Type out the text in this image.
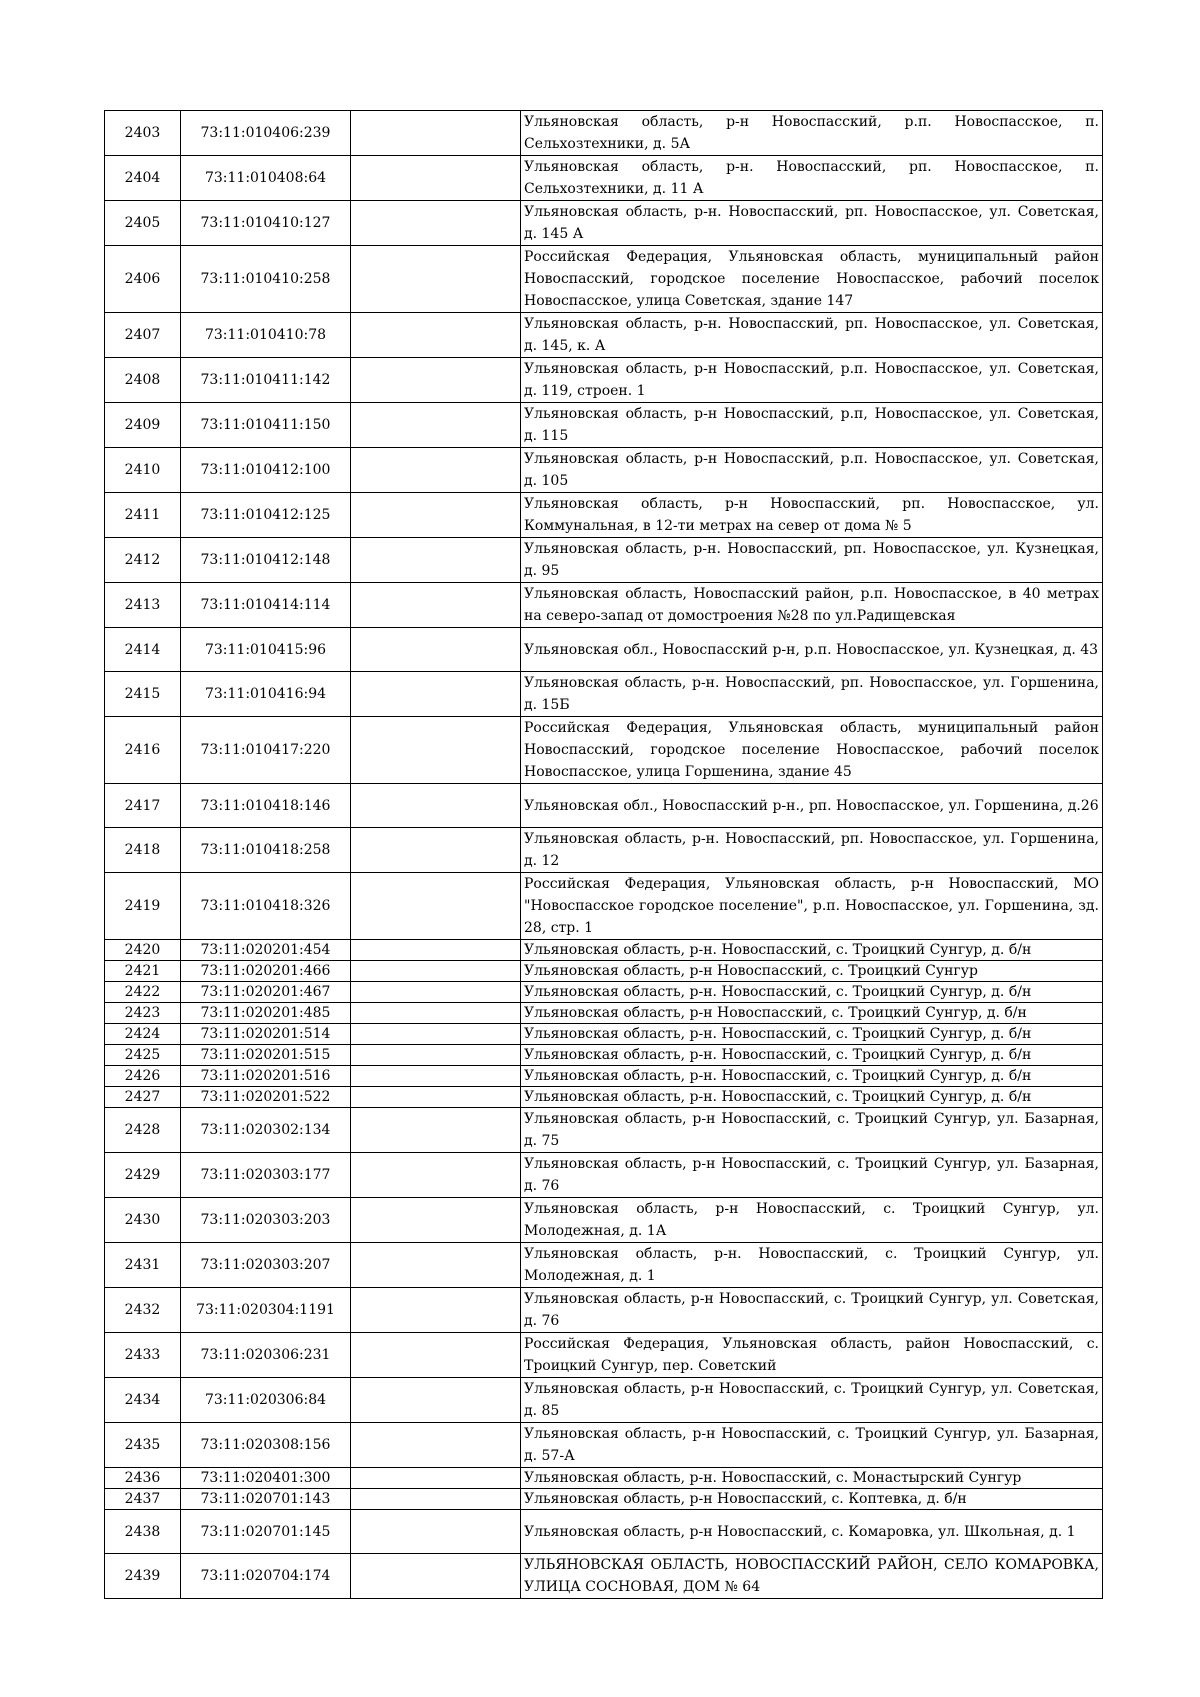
2403	73:11:010406:239		Ульяновская область, р-н Новоспасский, р.п. Новоспасское, п. Сельхозтехники, д. 5А
2404	73:11:010408:64		Ульяновская область, р-н. Новоспасский, рп. Новоспасское, п. Сельхозтехники, д. 11 А
2405	73:11:010410:127		Ульяновская область, р-н. Новоспасский, рп. Новоспасское, ул. Советская, д. 145 А
2406	73:11:010410:258		Российская Федерация, Ульяновская область, муниципальный район Новоспасский, городское поселение Новоспасское, рабочий поселок Новоспасское, улица Советская, здание 147
2407	73:11:010410:78		Ульяновская область, р-н. Новоспасский, рп. Новоспасское, ул. Советская, д. 145, к. А
2408	73:11:010411:142		Ульяновская область, р-н Новоспасский, р.п. Новоспасское, ул. Советская, д. 119, строен. 1
2409	73:11:010411:150		Ульяновская область, р-н Новоспасский, р.п, Новоспасское, ул. Советская, д. 115
2410	73:11:010412:100		Ульяновская область, р-н Новоспасский, р.п. Новоспасское, ул. Советская, д. 105
2411	73:11:010412:125		Ульяновская область, р-н Новоспасский, рп. Новоспасское, ул. Коммунальная, в 12-ти метрах на север от дома № 5
2412	73:11:010412:148		Ульяновская область, р-н. Новоспасский, рп. Новоспасское, ул. Кузнецкая, д. 95
2413	73:11:010414:114		Ульяновская область, Новоспасский район, р.п. Новоспасское, в 40 метрах на северо-запад от домостроения №28 по ул.Радищевская
2414	73:11:010415:96		Ульяновская обл., Новоспасский р-н, р.п. Новоспасское, ул. Кузнецкая, д. 43
2415	73:11:010416:94		Ульяновская область, р-н. Новоспасский, рп. Новоспасское, ул. Горшенина, д. 15Б
2416	73:11:010417:220		Российская Федерация, Ульяновская область, муниципальный район Новоспасский, городское поселение Новоспасское, рабочий поселок Новоспасское, улица Горшенина, здание 45
2417	73:11:010418:146		Ульяновская обл., Новоспасский р-н., рп. Новоспасское, ул. Горшенина, д.26
2418	73:11:010418:258		Ульяновская область, р-н. Новоспасский, рп. Новоспасское, ул. Горшенина, д. 12
2419	73:11:010418:326		Российская Федерация, Ульяновская область, р-н Новоспасский, МО "Новоспасское городское поселение", р.п. Новоспасское, ул. Горшенина, зд. 28, стр. 1
2420	73:11:020201:454		Ульяновская область, р-н. Новоспасский, с. Троицкий Сунгур, д. б/н
2421	73:11:020201:466		Ульяновская область, р-н Новоспасский, с. Троицкий Сунгур
2422	73:11:020201:467		Ульяновская область, р-н. Новоспасский, с. Троицкий Сунгур, д. б/н
2423	73:11:020201:485		Ульяновская область, р-н Новоспасский, с. Троицкий Сунгур, д. б/н
2424	73:11:020201:514		Ульяновская область, р-н. Новоспасский, с. Троицкий Сунгур, д. б/н
2425	73:11:020201:515		Ульяновская область, р-н. Новоспасский, с. Троицкий Сунгур, д. б/н
2426	73:11:020201:516		Ульяновская область, р-н. Новоспасский, с. Троицкий Сунгур, д. б/н
2427	73:11:020201:522		Ульяновская область, р-н. Новоспасский, с. Троицкий Сунгур, д. б/н
2428	73:11:020302:134		Ульяновская область, р-н Новоспасский, с. Троицкий Сунгур, ул. Базарная, д. 75
2429	73:11:020303:177		Ульяновская область, р-н Новоспасский, с. Троицкий Сунгур, ул. Базарная, д. 76
2430	73:11:020303:203		Ульяновская область, р-н Новоспасский, с. Троицкий Сунгур, ул. Молодежная, д. 1А
2431	73:11:020303:207		Ульяновская область, р-н. Новоспасский, с. Троицкий Сунгур, ул. Молодежная, д. 1
2432	73:11:020304:1191		Ульяновская область, р-н Новоспасский, с. Троицкий Сунгур, ул. Советская, д. 76
2433	73:11:020306:231		Российская Федерация, Ульяновская область, район Новоспасский, с. Троицкий Сунгур, пер. Советский
2434	73:11:020306:84		Ульяновская область, р-н Новоспасский, с. Троицкий Сунгур, ул. Советская, д. 85
2435	73:11:020308:156		Ульяновская область, р-н Новоспасский, с. Троицкий Сунгур, ул. Базарная, д. 57-А
2436	73:11:020401:300		Ульяновская область, р-н. Новоспасский, с. Монастырский Сунгур
2437	73:11:020701:143		Ульяновская область, р-н Новоспасский, с. Коптевка, д. б/н
2438	73:11:020701:145		Ульяновская область, р-н Новоспасский, с. Комаровка, ул. Школьная, д. 1
2439	73:11:020704:174		УЛЬЯНОВСКАЯ ОБЛАСТЬ, НОВОСПАССКИЙ РАЙОН, СЕЛО КОМАРОВКА, УЛИЦА СОСНОВАЯ, ДОМ № 64
